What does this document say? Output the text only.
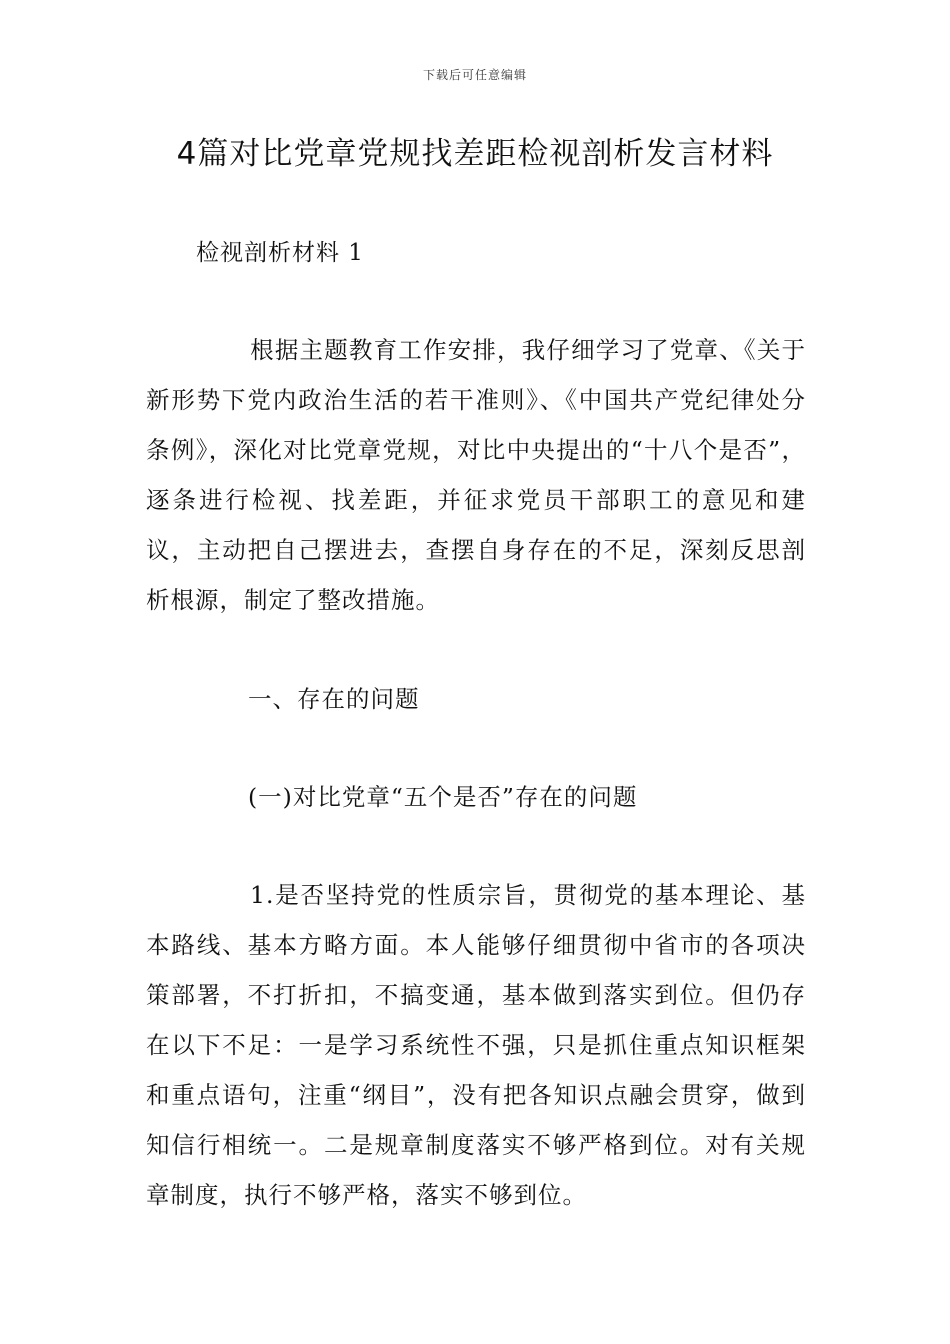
下载后可任意编辑
4篇对比党章党规找差距检视剖析发言材料
检视剖析材料 1

根据主题教育工作安排，我仔细学习了党章、《关于新形势下党内政治生活的若干准则》、《中国共产党纪律处分条例》，深化对比党章党规，对比中央提出的“十八个是否”，逐条进行检视、找差距，并征求党员干部职工的意见和建议，主动把自己摆进去，查摆自身存在的不足，深刻反思剖析根源，制定了整改措施。

一、存在的问题
(一)对比党章“五个是否”存在的问题

1.是否坚持党的性质宗旨，贯彻党的基本理论、基本路线、基本方略方面。本人能够仔细贯彻中省市的各项决策部署，不打折扣，不搞变通，基本做到落实到位。但仍存在以下不足：一是学习系统性不强，只是抓住重点知识框架和重点语句，注重“纲目”，没有把各知识点融会贯穿，做到知信行相统一。二是规章制度落实不够严格到位。对有关规章制度，执行不够严格，落实不够到位。
